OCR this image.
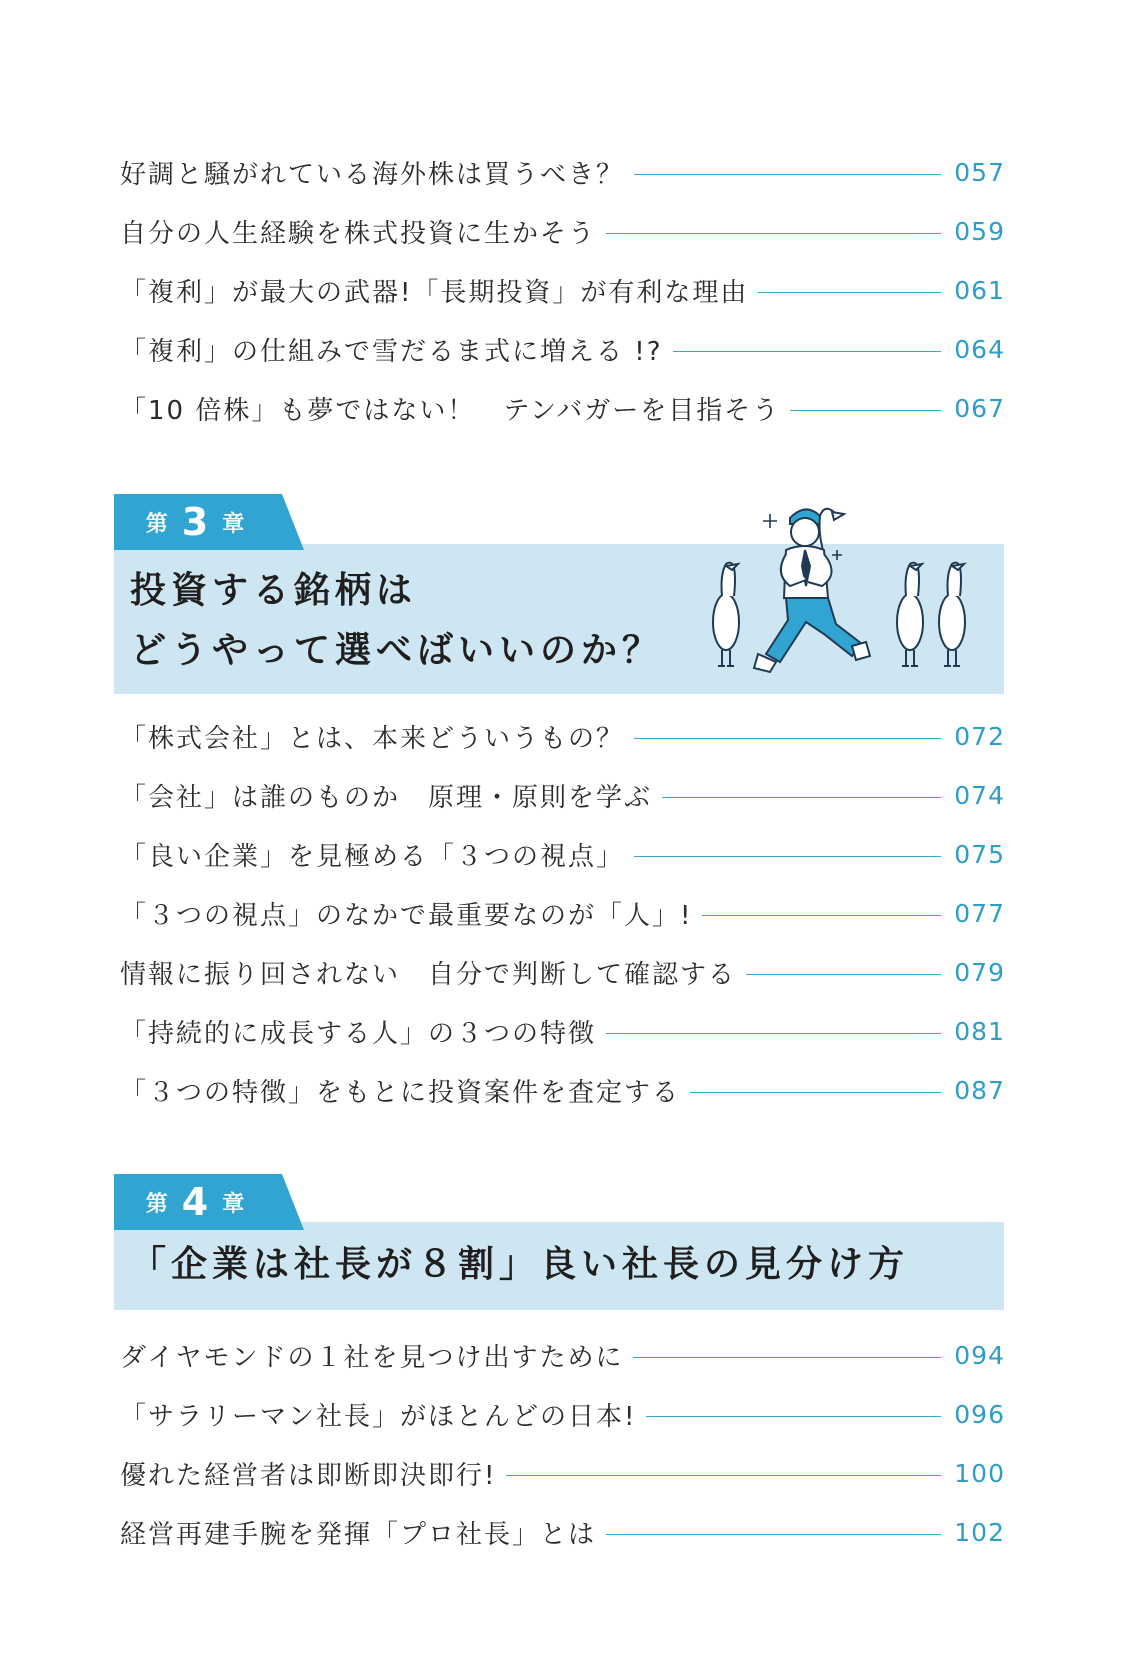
好調と騒がれている海外株は買うべき？	057
自分の人生経験を株式投資に生かそう	059
「複利」が最大の武器!「長期投資」が有利な理由	061
「複利」の仕組みで雪だるま式に増える !?	064
「10 倍株」も夢ではない！　テンバガーを目指そう	067
第 3 章
投資する銘柄は
どうやって選べばいいのか？
「株式会社」とは、本来どういうもの？	072
「会社」は誰のものか　原理・原則を学ぶ	074
「良い企業」を見極める「３つの視点」	075
「３つの視点」のなかで最重要なのが「人」!	077
情報に振り回されない　自分で判断して確認する	079
「持続的に成長する人」の３つの特徴	081
「３つの特徴」をもとに投資案件を査定する	087
第 4 章
「企業は社長が８割」良い社長の見分け方
ダイヤモンドの１社を見つけ出すために	094
「サラリーマン社長」がほとんどの日本!	096
優れた経営者は即断即決即行!	100
経営再建手腕を発揮「プロ社長」とは	102
